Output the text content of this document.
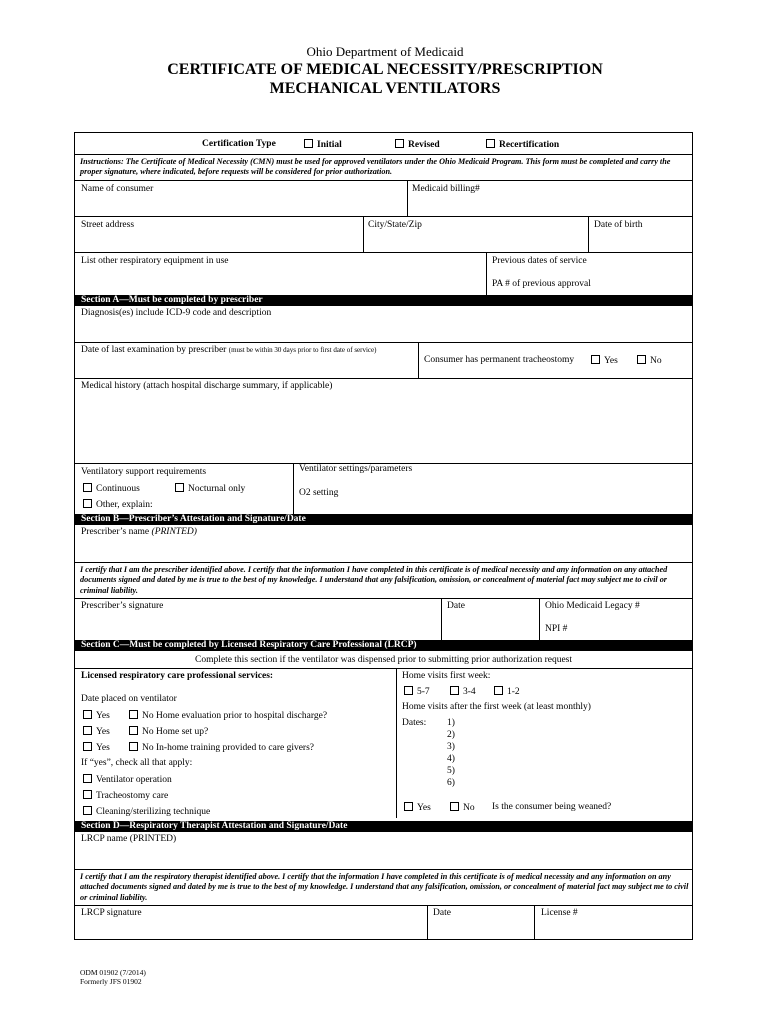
Ohio Department of Medicaid
CERTIFICATE OF MEDICAL NECESSITY/PRESCRIPTION
MECHANICAL VENTILATORS
Certification Type	Initial	Revised	Recertification
Instructions: The Certificate of Medical Necessity (CMN) must be used for approved ventilators under the Ohio Medicaid Program. This form must be completed and carry the proper signature, where indicated, before requests will be considered for prior authorization.
Name of consumer	Medicaid billing#
Street address	City/State/Zip	Date of birth
List other respiratory equipment in use	Previous dates of service
PA # of previous approval
Section A—Must be completed by prescriber
Diagnosis(es) include ICD-9 code and description
Date of last examination by prescriber (must be within 30 days prior to first date of service)
Consumer has permanent tracheostomy	Yes	No
Medical history (attach hospital discharge summary, if applicable)
Ventilatory support requirements
Continuous	Nocturnal only
Other, explain:
Ventilator settings/parameters
O2 setting
Section B—Prescriber’s Attestation and Signature/Date
Prescriber’s name (PRINTED)
I certify that I am the prescriber identified above. I certify that the information I have completed in this certificate is of medical necessity and any information on any attached documents signed and dated by me is true to the best of my knowledge. I understand that any falsification, omission, or concealment of material fact may subject me to civil or criminal liability.
Prescriber’s signature	Date	Ohio Medicaid Legacy #
NPI #
Section C—Must be completed by Licensed Respiratory Care Professional (LRCP)
Complete this section if the ventilator was dispensed prior to submitting prior authorization request
Licensed respiratory care professional services:
Date placed on ventilator
Yes	No Home evaluation prior to hospital discharge?
Yes	No Home set up?
Yes	No In-home training provided to care givers?
If “yes”, check all that apply:
Ventilator operation
Tracheostomy care
Cleaning/sterilizing technique
Home visits first week:
5-7	3-4	1-2
Home visits after the first week (at least monthly)
Dates: 1)
2)
3)
4)
5)
6)
Yes	No Is the consumer being weaned?
Section D—Respiratory Therapist Attestation and Signature/Date
LRCP name (PRINTED)
I certify that I am the respiratory therapist identified above. I certify that the information I have completed in this certificate is of medical necessity and any information on any attached documents signed and dated by me is true to the best of my knowledge. I understand that any falsification, omission, or concealment of material fact may subject me to civil or criminal liability.
LRCP signature	Date	License #
ODM 01902 (7/2014)
Formerly JFS 01902
